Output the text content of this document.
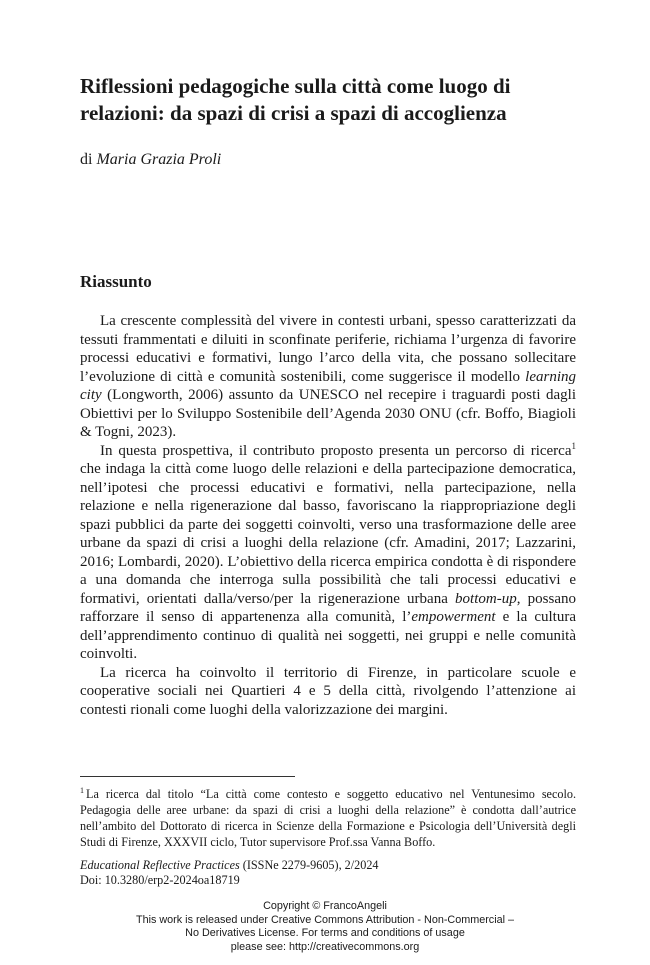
Riflessioni pedagogiche sulla città come luogo di relazioni: da spazi di crisi a spazi di accoglienza
di Maria Grazia Proli
Riassunto

La crescente complessità del vivere in contesti urbani, spesso caratterizzati da tessuti frammentati e diluiti in sconfinate periferie, richiama l’urgenza di favorire processi educativi e formativi, lungo l’arco della vita, che possano sollecitare l’evoluzione di città e comunità sostenibili, come suggerisce il modello learning city (Longworth, 2006) assunto da UNESCO nel recepire i traguardi posti dagli Obiettivi per lo Sviluppo Sostenibile dell’Agenda 2030 ONU (cfr. Boffo, Biagioli & Togni, 2023).

In questa prospettiva, il contributo proposto presenta un percorso di ricerca$^1$ che indaga la città come luogo delle relazioni e della partecipazione democratica, nell’ipotesi che processi educativi e formativi, nella partecipazione, nella relazione e nella rigenerazione dal basso, favoriscano la riappropriazione degli spazi pubblici da parte dei soggetti coinvolti, verso una trasformazione delle aree urbane da spazi di crisi a luoghi della relazione (cfr. Amadini, 2017; Lazzarini, 2016; Lombardi, 2020). L’obiettivo della ricerca empirica condotta è di rispondere a una domanda che interroga sulla possibilità che tali processi educativi e formativi, orientati dalla/verso/per la rigenerazione urbana bottom-up, possano rafforzare il senso di appartenenza alla comunità, l’empowerment e la cultura dell’apprendimento continuo di qualità nei soggetti, nei gruppi e nelle comunità coinvolti.

La ricerca ha coinvolto il territorio di Firenze, in particolare scuole e cooperative sociali nei Quartieri 4 e 5 della città, rivolgendo l’attenzione ai contesti rionali come luoghi della valorizzazione dei margini.

$^1$ La ricerca dal titolo “La città come contesto e soggetto educativo nel Ventunesimo secolo. Pedagogia delle aree urbane: da spazi di crisi a luoghi della relazione” è condotta dall’autrice nell’ambito del Dottorato di ricerca in Scienze della Formazione e Psicologia dell’Università degli Studi di Firenze, XXXVII ciclo, Tutor supervisore Prof.ssa Vanna Boffo.
Educational Reflective Practices (ISSNe 2279-9605), 2/2024
Doi: 10.3280/erp2-2024oa18719
Copyright © FrancoAngeli
This work is released under Creative Commons Attribution - Non-Commercial –
No Derivatives License. For terms and conditions of usage
please see: http://creativecommons.org
